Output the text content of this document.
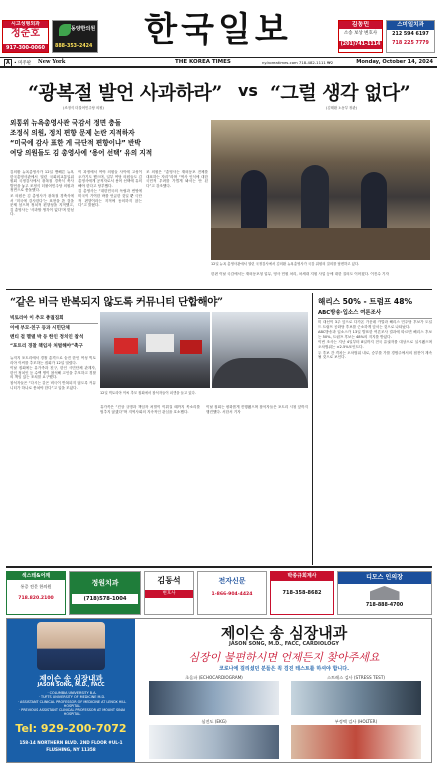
시고성형외과
정준호
917-300-0060
동양한의원
888-353-2424	한국일보	김동민
소송 보상 변호사
(201)741-1114
스미일치과
212 594 6197
718 225 7779
A • 미주판 New York	THE KOREA TIMES	ny.koreatimes.com 718-482-1111 ₩2	Monday, October 14, 2024
“광복절 발언 사과하라” vs “그럴 생각 없다”
(조정식 더불어민주당 의원)	(김태환 노동부 장관)
외통위 뉴욕총영사관 국감서 정면 충돌
조정식 의원, 정치 편향 문제 논란 지적하자
“미국에 감사 표한 게 극단적 편향이냐” 반박
여당 의원들도 김 총영사에 ‘용어 선택’ 유의 지적
12일 뉴욕 총영사관에서 열린 국정감사에서 김의환 뉴욕총영사가 국감 위원의 질의를 답변하고 있다.

김의환 뉴욕총영사가 12일 맨해튼 뉴욕한국총영사관에서 열린 국회외교통일위원회 국정감사에서 광복절 경축식 축사 발언을 놓고 조정식 더불어민주당 의원과 정면으로 충돌했다.

조 의원은 김 총영사가 광복절 경축식에서 ‘미국에 감사한다’는 표현을 쓴 것을 문제 삼으며 정치적 편향성을 지적했고, 김 총영사는 ‘사과할 생각이 없다’며 맞섰다.

이 과정에서 여야 의원들 사이에 고성이 오가기도 했으며, 일부 여당 의원들도 김 총영사에게 공직자로서 용어 선택에 유의해야 한다고 당부했다.

김 총영사는 “대한민국의 독립과 번영에 미국이 기여한 바를 언급한 것일 뿐 극단적 편향이라는 지적에 동의하지 않는다”고 밝혔다.

조 의원은 “총영사는 재외동포 전체를 대표하는 자리”라며 “역사 인식에 대한 국민적 우려를 가볍게 봐서는 안 된다”고 강조했다.

한편 이날 국감에서는 재외동포청 업무, 영사 민원 처리, 차세대 지원 사업 등에 대한 질의도 이어졌다. 이진수 기자

“같은 비극 반복되지 않도록 커뮤니티 단합해야”
빅토리아 이 추모 총궐집회
이애 부모·친구 등과 시민단체
멘티 걸 멜델 박 등 한인 정치인 참석
“포트리 경찰 책임자 처벌해야”촉구

뉴저지 포트리에서 경찰 총격으로 숨진 한인 여성 빅토리아 이씨를 추모하는 집회가 12일 열렸다.

이날 집회에는 유가족과 친구, 한인 시민단체 관계자, 한인 정치인 등 수백 명이 참석해 고인을 추모하고 경찰의 책임 있는 조치를 요구했다.

참석자들은 “다시는 같은 비극이 반복되지 않도록 커뮤니티가 하나로 뭉쳐야 한다”고 입을 모았다.

12일 빅토리아 이씨 추모 집회에서 참석자들이 피켓을 들고 있다.

유가족은 “진상 규명과 책임자 처벌이 이뤄질 때까지 목소리를 멈추지 않겠다”며 지역사회의 지속적인 관심을 호소했다.

이날 집회는 평화롭게 진행됐으며 참석자들은 포트리 시청 앞까지 행진했다. 서한서 기자

해리스 50% - 트럼프 48%
ABC방송·입소스 여론조사

미 대선이 3주 앞으로 다가온 가운데 카멀라 해리스 민주당 후보가 도널드 트럼프 공화당 후보를 근소하게 앞서는 것으로 나타났다.

ABC방송과 입소스가 13일 발표한 여론조사 결과에 따르면 해리스 후보는 50%, 트럼프 후보는 48%의 지지를 받았다.

이번 조사는 지난 4일부터 8일까지 전국 유권자를 대상으로 실시됐으며 오차범위는 ±2.5%포인트다.

두 후보 간 격차는 오차범위 내로, 승부를 가를 경합주에서의 접전이 계속될 것으로 보인다.

섹스테&어깨
통증 전문 한의원
718.820.2100
정원치과
(718)578-1004
김동석
변호사
전자신문
1-866-904-4424
박종규회계사
718-358-8682
디모스 인의장
718-888-4700
제이슨 송 심장내과
JASON SONG, M.D., FACC
· COLUMBIA UNIVERSITY B.A.
· TUFTS UNIVERSITY OF MEDICINE M.D.
· ASSISTANT CLINICAL PROFESSOR OF MEDICINE AT LENOX HILL HOSPITAL
· PREVIOUS ASSISTANT CLINICAL PROFESSOR AT MOUNT SINAI HOSPITAL
Tel: 929-200-7072
158-14 NORTHERN BLVD. 2ND FLOOR #UL-1
FLUSHING, NY 11358
제이슨 송 심장내과
JASON SONG, M.D., FACC, CARDIOLOGY
심장이 불편하시면 언제든지 찾아주세요
코로나에 걸리셨던 분들은 꼭 검진 테스트를 하셔야 합니다.
초음파 (ECHOCARDIOGRAM)	스트레스 검사 (STRESS TEST)
심전도 (EKG)	부정맥 검사 (HOLTER)
